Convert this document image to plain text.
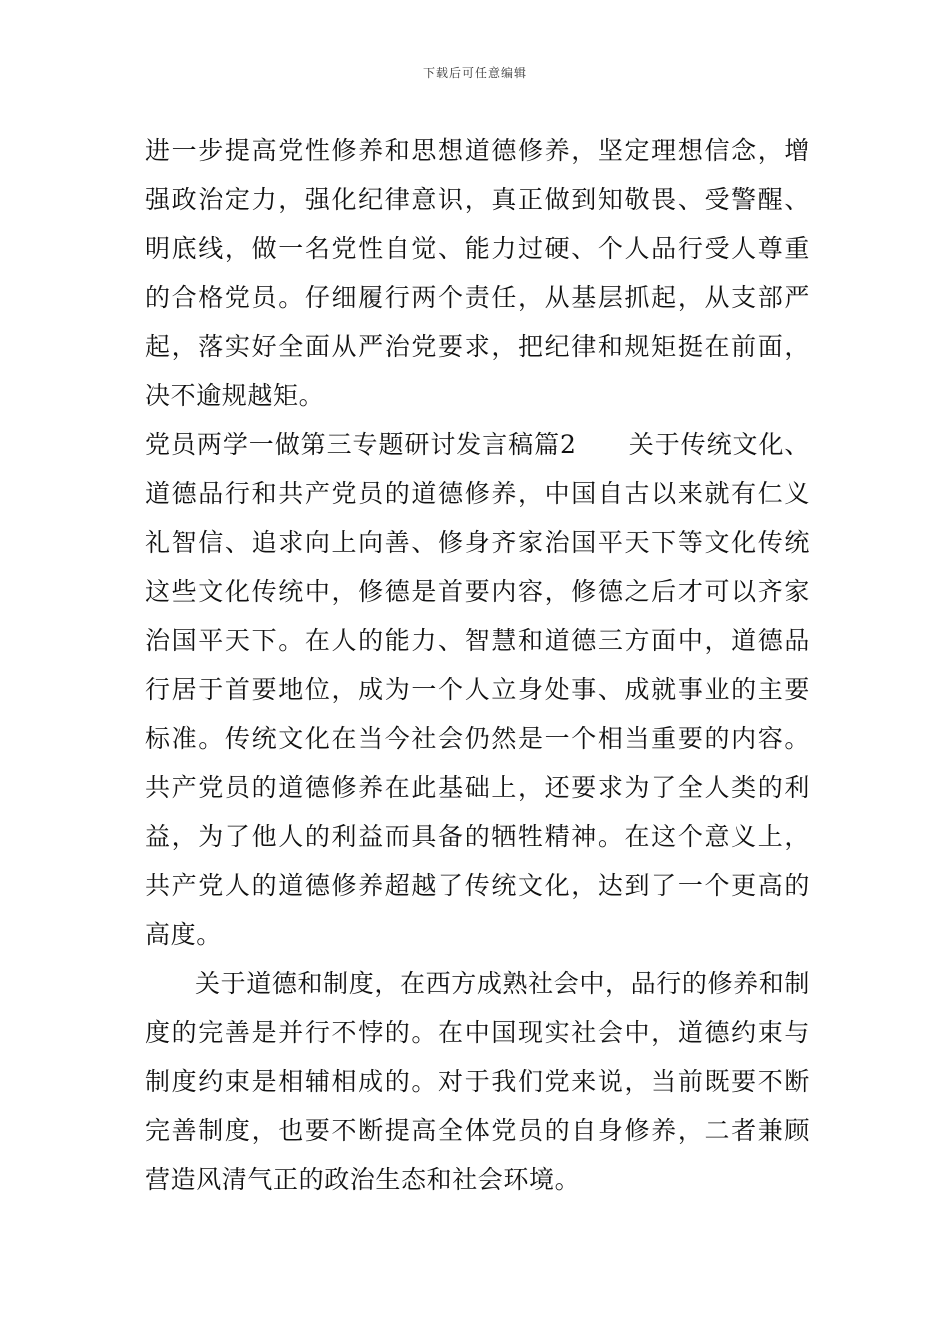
下载后可任意编辑

进一步提高党性修养和思想道德修养，坚定理想信念，增强政治定力，强化纪律意识，真正做到知敬畏、受警醒、明底线，做一名党性自觉、能力过硬、个人品行受人尊重的合格党员。仔细履行两个责任，从基层抓起，从支部严起，落实好全面从严治党要求，把纪律和规矩挺在前面，决不逾规越矩。

党员两学一做第三专题研讨发言稿篇2　　关于传统文化、道德品行和共产党员的道德修养，中国自古以来就有仁义礼智信、追求向上向善、修身齐家治国平天下等文化传统这些文化传统中，修德是首要内容，修德之后才可以齐家治国平天下。在人的能力、智慧和道德三方面中，道德品行居于首要地位，成为一个人立身处事、成就事业的主要标准。传统文化在当今社会仍然是一个相当重要的内容。共产党员的道德修养在此基础上，还要求为了全人类的利益，为了他人的利益而具备的牺牲精神。在这个意义上，共产党人的道德修养超越了传统文化，达到了一个更高的高度。

关于道德和制度，在西方成熟社会中，品行的修养和制度的完善是并行不悖的。在中国现实社会中，道德约束与制度约束是相辅相成的。对于我们党来说，当前既要不断完善制度，也要不断提高全体党员的自身修养，二者兼顾营造风清气正的政治生态和社会环境。
